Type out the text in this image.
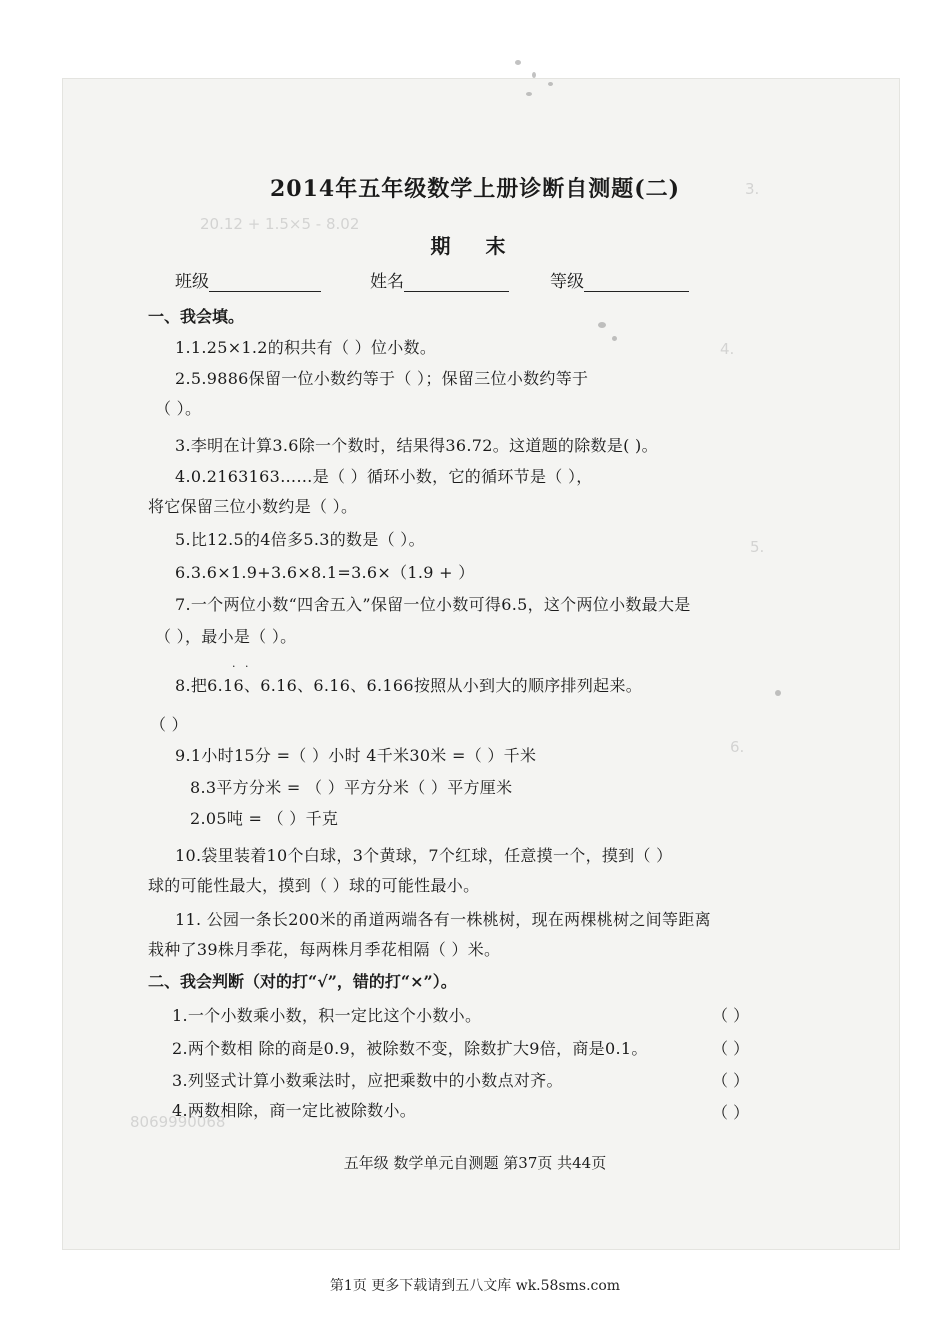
3.
20.12 + 1.5×5 - 8.02
4.
5.
6.
8069990068
2014年五年级数学上册诊断自测题(二)
期 末
班级	姓名	等级
一、我会填。
1.1.25×1.2的积共有（ ）位小数。
2.5.9886保留一位小数约等于（ ）；保留三位小数约等于
（ ）。
3.李明在计算3.6除一个数时，结果得36.72。这道题的除数是( )。
4.0.2163163……是（ ）循环小数，它的循环节是（ ），
将它保留三位小数约是（ ）。
5.比12.5的4倍多5.3的数是（ ）。
6.3.6×1.9+3.6×8.1=3.6×（1.9 + ）
7.一个两位小数“四舍五入”保留一位小数可得6.5，这个两位小数最大是
（ ），最小是（ ）。
· ·
8.把6.16、6.16、6.16、6.166按照从小到大的顺序排列起来。
（ ）
9.1小时15分 =（ ）小时 4千米30米 =（ ）千米
8.3平方分米 = （ ）平方分米（ ）平方厘米
2.05吨 = （ ）千克
10.袋里装着10个白球，3个黄球，7个红球，任意摸一个，摸到（ ）
球的可能性最大，摸到（ ）球的可能性最小。
11. 公园一条长200米的甬道两端各有一株桃树，现在两棵桃树之间等距离
栽种了39株月季花，每两株月季花相隔（ ）米。
二、我会判断（对的打“√”，错的打“×”）。
1.一个小数乘小数，积一定比这个小数小。	（ ）
2.两个数相 除的商是0.9，被除数不变，除数扩大9倍，商是0.1。	（ ）
3.列竖式计算小数乘法时，应把乘数中的小数点对齐。	（ ）
4.两数相除，商一定比被除数小。	（ ）
五年级 数学单元自测题 第37页 共44页
第1页 更多下载请到五八文库 wk.58sms.com
